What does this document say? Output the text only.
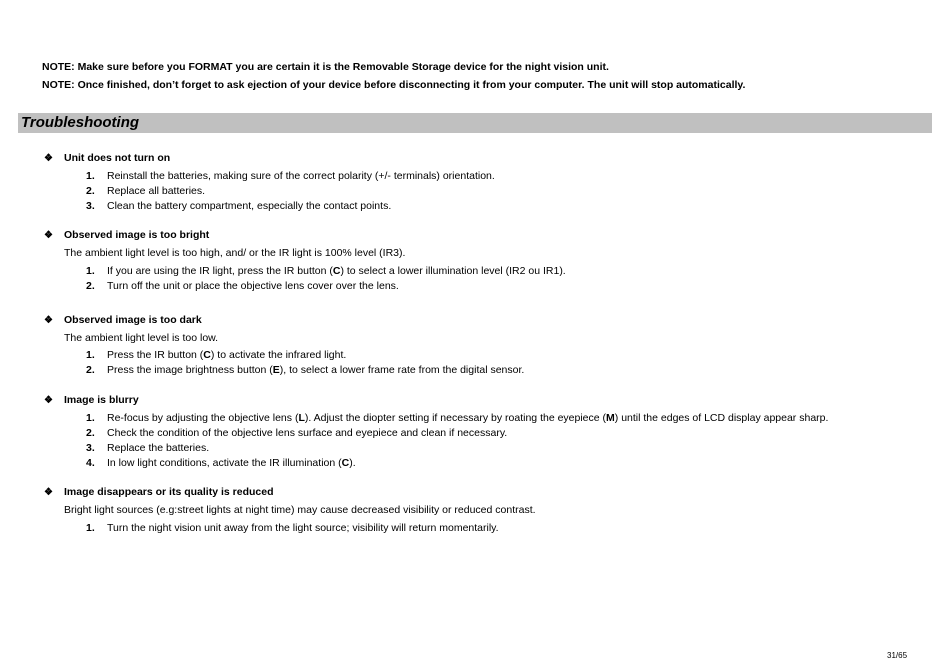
NOTE: Make sure before you FORMAT you are certain it is the Removable Storage device for the night vision unit.
NOTE: Once finished, don’t forget to ask ejection of your device before disconnecting it from your computer. The unit will stop automatically.
Troubleshooting
❖ Unit does not turn on
1. Reinstall the batteries, making sure of the correct polarity (+/- terminals) orientation.
2. Replace all batteries.
3. Clean the battery compartment, especially the contact points.
❖ Observed image is too bright
The ambient light level is too high, and/ or the IR light is 100% level (IR3).
1. If you are using the IR light, press the IR button (C) to select a lower illumination level (IR2 ou IR1).
2. Turn off the unit or place the objective lens cover over the lens.
❖ Observed image is too dark
The ambient light level is too low.
1. Press the IR button (C) to activate the infrared light.
2. Press the image brightness button (E), to select a lower frame rate from the digital sensor.
❖ Image is blurry
1. Re-focus by adjusting the objective lens (L). Adjust the diopter setting if necessary by roating the eyepiece (M) until the edges of LCD display appear sharp.
2. Check the condition of the objective lens surface and eyepiece and clean if necessary.
3. Replace the batteries.
4. In low light conditions, activate the IR illumination (C).
❖ Image disappears or its quality is reduced
Bright light sources (e.g:street lights at night time) may cause decreased visibility or reduced contrast.
1. Turn the night vision unit away from the light source; visibility will return momentarily.
31/65
